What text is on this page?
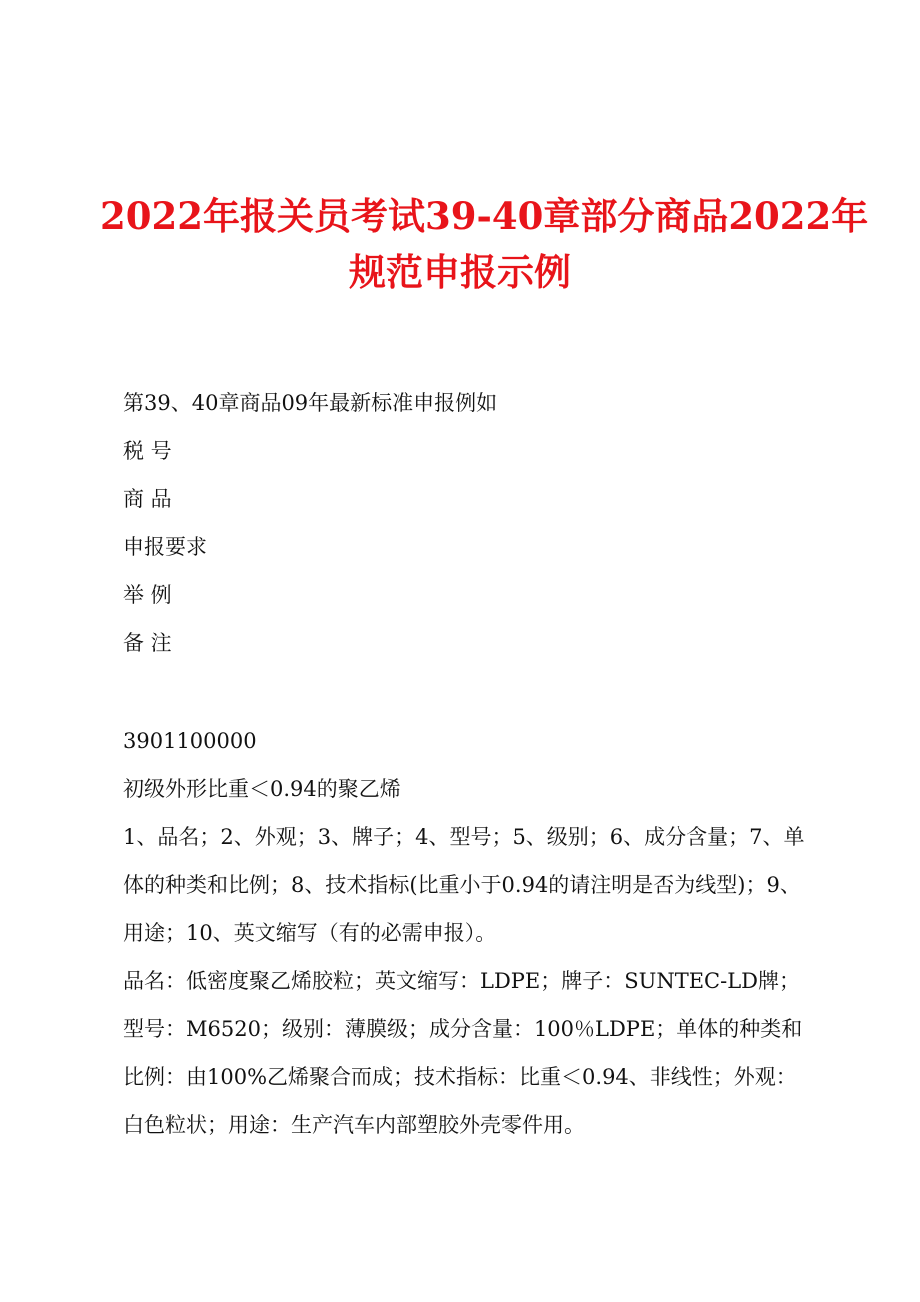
2022年报关员考试39-40章部分商品2022年
规范申报示例
第39、40章商品09年最新标准申报例如
税 号
商 品
申报要求
举 例
备 注
3901100000
初级外形比重＜0.94的聚乙烯
1、品名；2、外观；3、牌子；4、型号；5、级别；6、成分含量；7、单体的种类和比例；8、技术指标(比重小于0.94的请注明是否为线型)；9、用途；10、英文缩写（有的必需申报）。
品名：低密度聚乙烯胶粒；英文缩写：LDPE；牌子：SUNTEC-LD牌；型号：M6520；级别：薄膜级；成分含量：100％LDPE；单体的种类和比例：由100%乙烯聚合而成；技术指标：比重＜0.94、非线性；外观：白色粒状；用途：生产汽车内部塑胶外壳零件用。
